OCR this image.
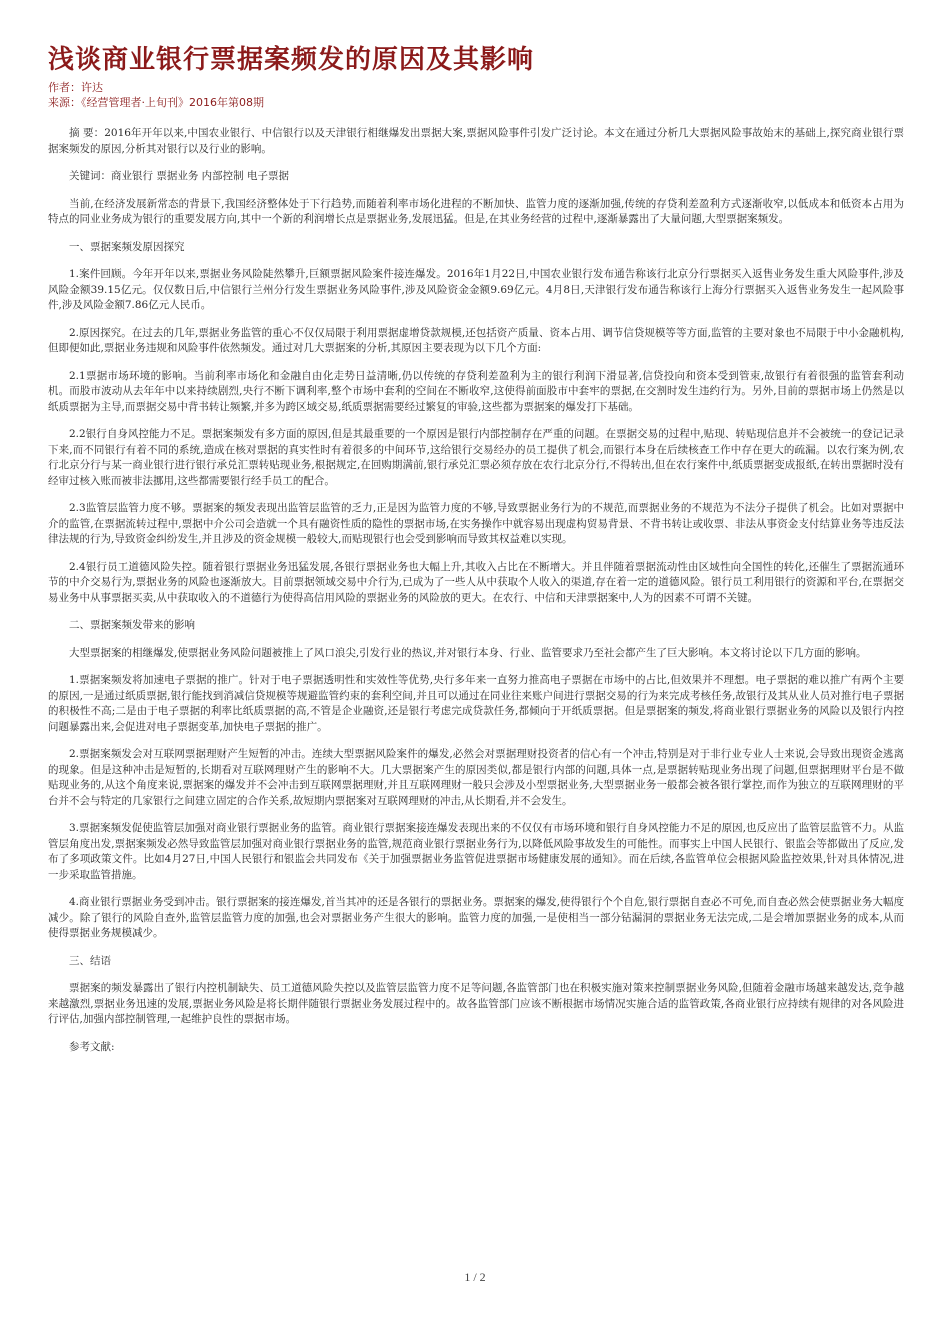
浅谈商业银行票据案频发的原因及其影响
作者：许达
来源：《经营管理者·上旬刊》2016年第08期

摘 要：2016年开年以来,中国农业银行、中信银行以及天津银行相继爆发出票据大案,票据风险事件引发广泛讨论。本文在通过分析几大票据风险事故始末的基础上,探究商业银行票据案频发的原因,分析其对银行以及行业的影响。

关键词：商业银行 票据业务 内部控制 电子票据

当前,在经济发展新常态的背景下,我国经济整体处于下行趋势,而随着利率市场化进程的不断加快、监管力度的逐渐加强,传统的存贷利差盈利方式逐渐收窄,以低成本和低资本占用为特点的同业业务成为银行的重要发展方向,其中一个新的利润增长点是票据业务,发展迅猛。但是,在其业务经营的过程中,逐渐暴露出了大量问题,大型票据案频发。

一、票据案频发原因探究

1.案件回顾。今年开年以来,票据业务风险陡然攀升,巨额票据风险案件接连爆发。2016年1月22日,中国农业银行发布通告称该行北京分行票据买入返售业务发生重大风险事件,涉及风险金额39.15亿元。仅仅数日后,中信银行兰州分行发生票据业务风险事件,涉及风险资金金额9.69亿元。4月8日,天津银行发布通告称该行上海分行票据买入返售业务发生一起风险事件,涉及风险金额7.86亿元人民币。

2.原因探究。在过去的几年,票据业务监管的重心不仅仅局限于利用票据虚增贷款规模,还包括资产质量、资本占用、调节信贷规模等等方面,监管的主要对象也不局限于中小金融机构,但即便如此,票据业务违规和风险事件依然频发。通过对几大票据案的分析,其原因主要表现为以下几个方面:

2.1票据市场环境的影响。当前利率市场化和金融自由化走势日益清晰,仍以传统的存贷利差盈利为主的银行利润下滑显著,信贷投向和资本受到管束,故银行有着很强的监管套利动机。而股市波动从去年年中以来持续剧烈,央行不断下调利率,整个市场中套利的空间在不断收窄,这使得前面股市中套牢的票据,在交割时发生违约行为。另外,目前的票据市场上仍然是以纸质票据为主导,而票据交易中背书转让频繁,并多为跨区域交易,纸质票据需要经过繁复的审验,这些都为票据案的爆发打下基础。

2.2银行自身风控能力不足。票据案频发有多方面的原因,但是其最重要的一个原因是银行内部控制存在严重的问题。在票据交易的过程中,贴现、转贴现信息并不会被统一的登记记录下来,而不同银行有着不同的系统,造成在核对票据的真实性时有着很多的中间环节,这给银行交易经办的员工提供了机会,而银行本身在后续核查工作中存在更大的疏漏。以农行案为例,农行北京分行与某一商业银行进行银行承兑汇票转贴现业务,根据规定,在回购期满前,银行承兑汇票必须存放在农行北京分行,不得转出,但在农行案件中,纸质票据变成报纸,在转出票据时没有经审过核入账而被非法挪用,这些都需要银行经手员工的配合。

2.3监管层监管力度不够。票据案的频发表现出监管层监管的乏力,正是因为监管力度的不够,导致票据业务行为的不规范,而票据业务的不规范为不法分子提供了机会。比如对票据中介的监管,在票据流转过程中,票据中介公司会造就一个具有融资性质的隐性的票据市场,在实务操作中就容易出现虚构贸易背景、不背书转让或收票、非法从事资金支付结算业务等违反法律法规的行为,导致资金纠纷发生,并且涉及的资金规模一般较大,而贴现银行也会受到影响而导致其权益难以实现。

2.4银行员工道德风险失控。随着银行票据业务迅猛发展,各银行票据业务也大幅上升,其收入占比在不断增大。并且伴随着票据流动性由区域性向全国性的转化,还催生了票据流通环节的中介交易行为,票据业务的风险也逐渐放大。目前票据领域交易中介行为,已成为了一些人从中获取个人收入的渠道,存在着一定的道德风险。银行员工利用银行的资源和平台,在票据交易业务中从事票据买卖,从中获取收入的不道德行为使得高信用风险的票据业务的风险放的更大。在农行、中信和天津票据案中,人为的因素不可谓不关键。

二、票据案频发带来的影响

大型票据案的相继爆发,使票据业务风险问题被推上了风口浪尖,引发行业的热议,并对银行本身、行业、监管要求乃至社会都产生了巨大影响。本文将讨论以下几方面的影响。

1.票据案频发将加速电子票据的推广。针对于电子票据透明性和实效性等优势,央行多年来一直努力推高电子票据在市场中的占比,但效果并不理想。电子票据的难以推广有两个主要的原因,一是通过纸质票据,银行能找到消减信贷规模等规避监管约束的套利空间,并且可以通过在同业往来账户间进行票据交易的行为来完成考核任务,故银行及其从业人员对推行电子票据的积极性不高;二是由于电子票据的利率比纸质票据的高,不管是企业融资,还是银行考虑完成贷款任务,都倾向于开纸质票据。但是票据案的频发,将商业银行票据业务的风险以及银行内控问题暴露出来,会促进对电子票据变革,加快电子票据的推广。

2.票据案频发会对互联网票据理财产生短暂的冲击。连续大型票据风险案件的爆发,必然会对票据理财投资者的信心有一个冲击,特别是对于非行业专业人士来说,会导致出现资金逃离的现象。但是这种冲击是短暂的,长期看对互联网理财产生的影响不大。几大票据案产生的原因类似,都是银行内部的问题,具体一点,是票据转贴现业务出现了问题,但票据理财平台是不做贴现业务的,从这个角度来说,票据案的爆发并不会冲击到互联网票据理财,并且互联网理财一般只会涉及小型票据业务,大型票据业务一般都会被各银行掌控,而作为独立的互联网理财的平台并不会与特定的几家银行之间建立固定的合作关系,故短期内票据案对互联网理财的冲击,从长期看,并不会发生。

3.票据案频发促使监管层加强对商业银行票据业务的监管。商业银行票据案接连爆发表现出来的不仅仅有市场环境和银行自身风控能力不足的原因,也反应出了监管层监管不力。从监管层角度出发,票据案频发必然导致监管层加强对商业银行票据业务的监管,规范商业银行票据业务行为,以降低风险事故发生的可能性。而事实上中国人民银行、银监会等都做出了反应,发布了多项政策文件。比如4月27日,中国人民银行和银监会共同发布《关于加强票据业务监管促进票据市场健康发展的通知》。而在后续,各监管单位会根据风险监控效果,针对具体情况,进一步采取监管措施。

4.商业银行票据业务受到冲击。银行票据案的接连爆发,首当其冲的还是各银行的票据业务。票据案的爆发,使得银行个个自危,银行票据自查必不可免,而自查必然会使票据业务大幅度减少。除了银行的风险自查外,监管层监管力度的加强,也会对票据业务产生很大的影响。监管力度的加强,一是使相当一部分钻漏洞的票据业务无法完成,二是会增加票据业务的成本,从而使得票据业务规模减少。

三、结语

票据案的频发暴露出了银行内控机制缺失、员工道德风险失控以及监管层监管力度不足等问题,各监管部门也在积极实施对策来控制票据业务风险,但随着金融市场越来越发达,竞争越来越激烈,票据业务迅速的发展,票据业务风险是将长期伴随银行票据业务发展过程中的。故各监管部门应该不断根据市场情况实施合适的监管政策,各商业银行应持续有规律的对各风险进行评估,加强内部控制管理,一起维护良性的票据市场。

参考文献:

1 / 2
